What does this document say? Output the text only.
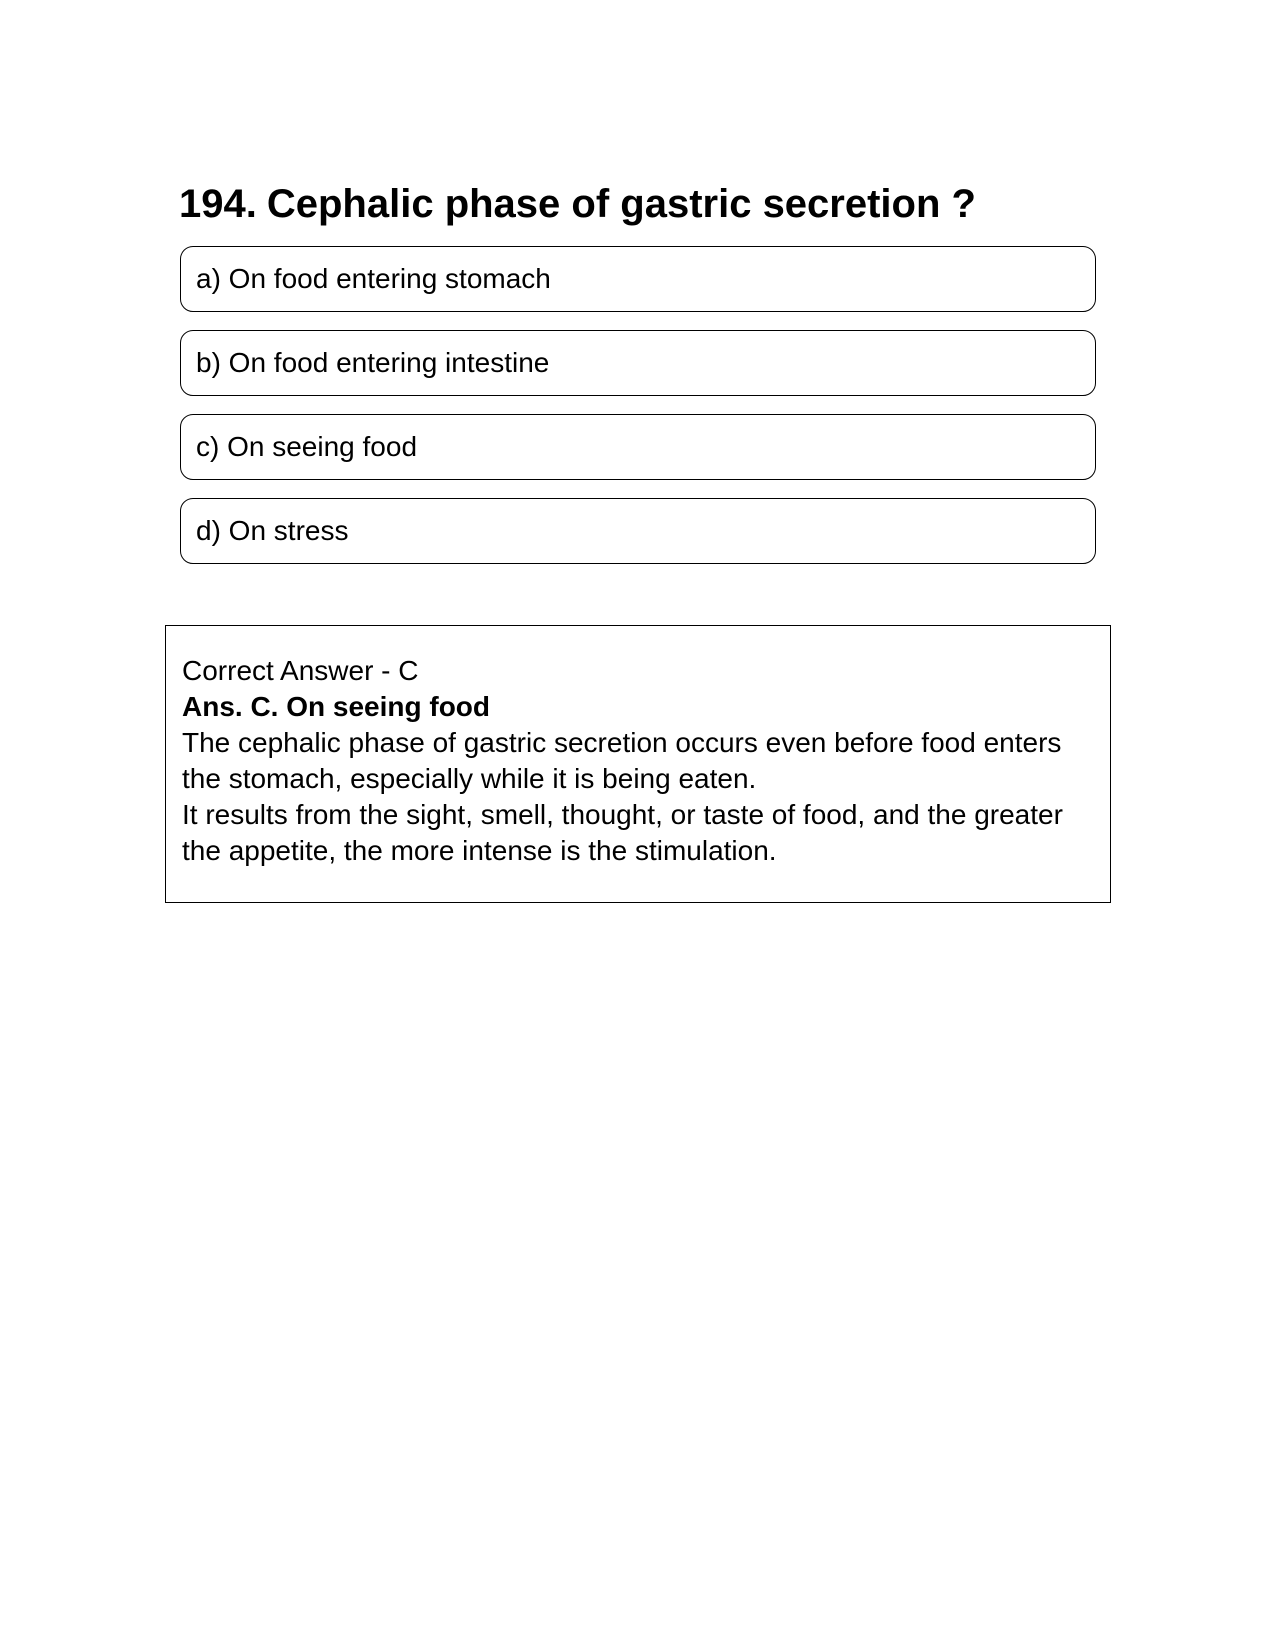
194. Cephalic phase of gastric secretion ?
a) On food entering stomach
b) On food entering intestine
c) On seeing food
d) On stress
Correct Answer - C
Ans. C. On seeing food
The cephalic phase of gastric secretion occurs even before food enters the stomach, especially while it is being eaten.
It results from the sight, smell, thought, or taste of food, and the greater the appetite, the more intense is the stimulation.
